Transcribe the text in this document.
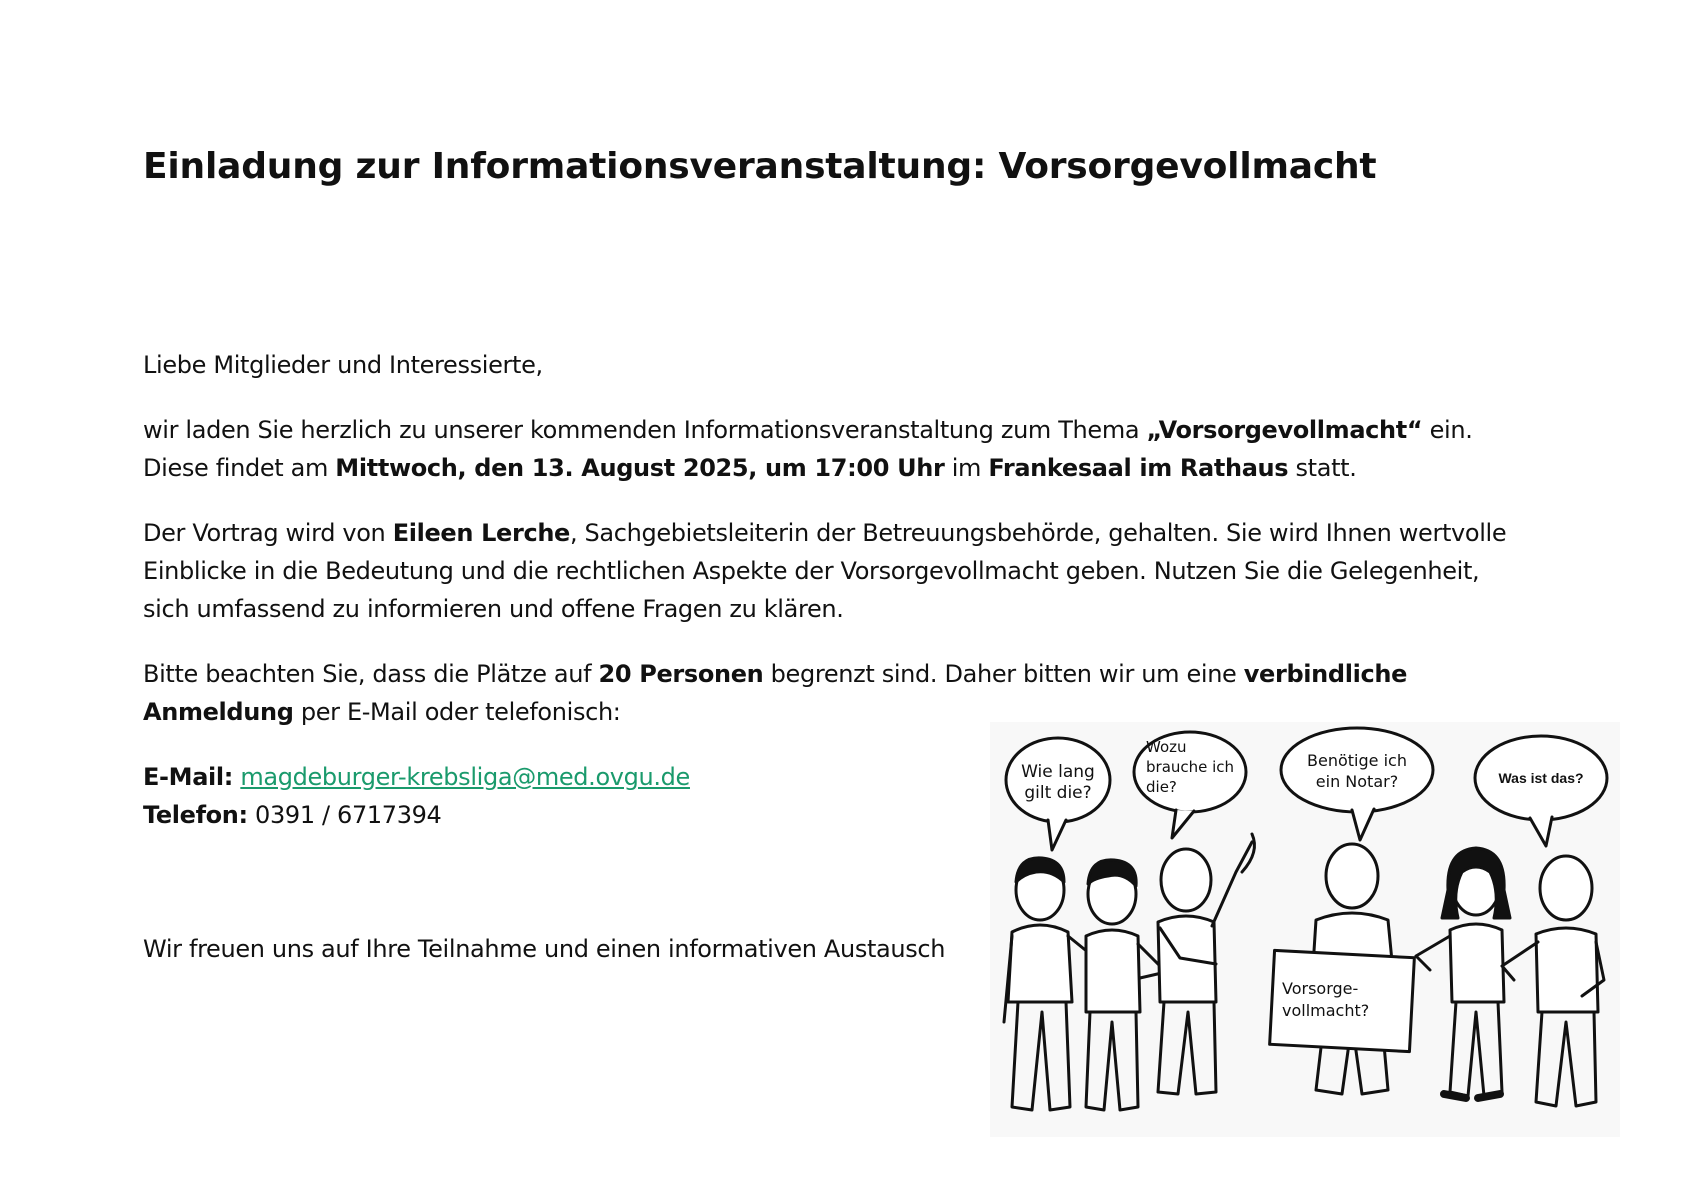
Einladung zur Informationsveranstaltung: Vorsorgevollmacht

Liebe Mitglieder und Interessierte,

wir laden Sie herzlich zu unserer kommenden Informationsveranstaltung zum Thema „Vorsorgevollmacht“ ein.

Diese findet am Mittwoch, den 13. August 2025, um 17:00 Uhr im Frankesaal im Rathaus statt.

Der Vortrag wird von Eileen Lerche, Sachgebietsleiterin der Betreuungsbehörde, gehalten. Sie wird Ihnen wertvolle

Einblicke in die Bedeutung und die rechtlichen Aspekte der Vorsorgevollmacht geben. Nutzen Sie die Gelegenheit,

sich umfassend zu informieren und offene Fragen zu klären.

Bitte beachten Sie, dass die Plätze auf 20 Personen begrenzt sind. Daher bitten wir um eine verbindliche

Anmeldung per E-Mail oder telefonisch:

E-Mail: magdeburger-krebsliga@med.ovgu.de

Telefon: 0391 / 6717394

Wir freuen uns auf Ihre Teilnahme und einen informativen Austausch

Wie lang
gilt die?
Wozu
brauche ich
die?
Benötige ich
ein Notar?	Was ist das?
Vorsorge-
vollmacht?
